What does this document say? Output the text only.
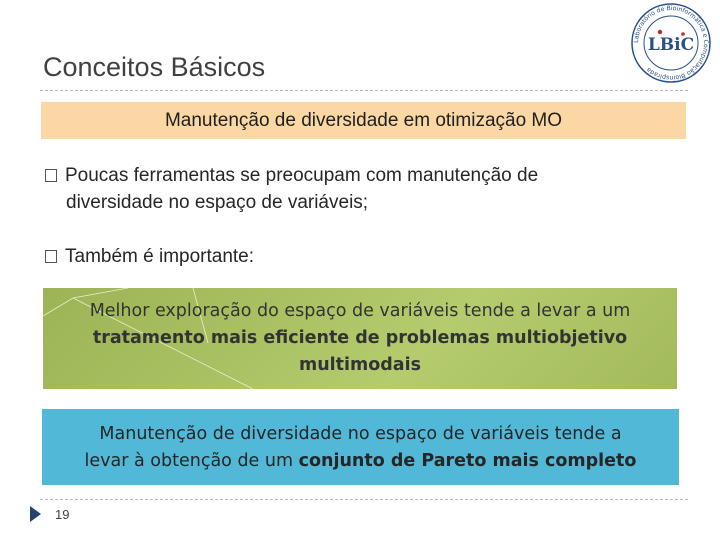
Conceitos Básicos
Laboratório de Bioinformática e Computação Bioinspirada
LBiC
Manutenção de diversidade em otimização MO
Poucas ferramentas se preocupam com manutenção de
diversidade no espaço de variáveis;
Também é importante:
Melhor exploração do espaço de variáveis tende a levar a um
tratamento mais eficiente de problemas multiobjetivo
multimodais
Manutenção de diversidade no espaço de variáveis tende a
levar à obtenção de um conjunto de Pareto mais completo
19
